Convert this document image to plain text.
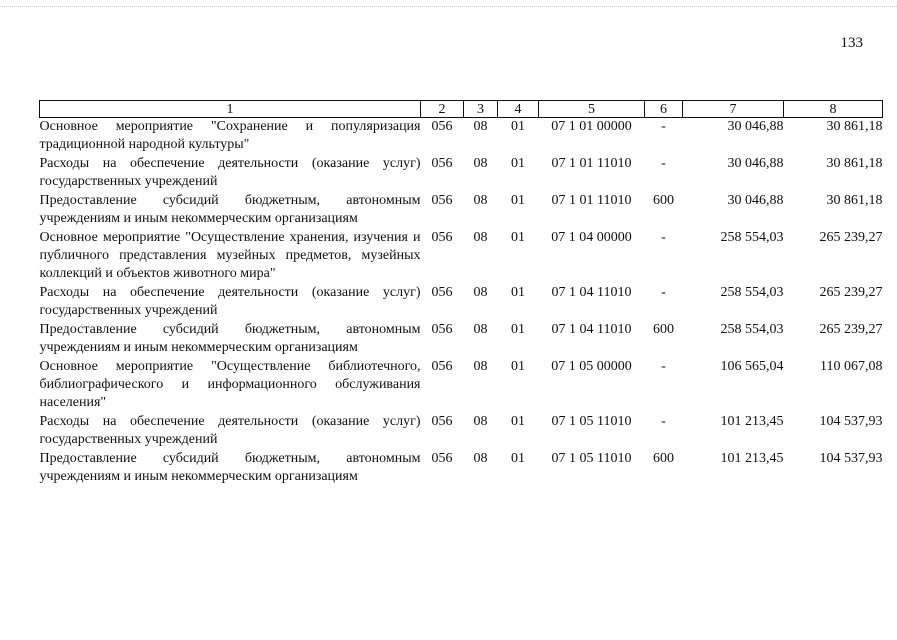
133
1	2	3	4	5	6	7	8
Основное мероприятие "Сохранение и популяризация традиционной народной культуры"	056	08	01	07 1 01 00000	-	30 046,88	30 861,18
Расходы на обеспечение деятельности (оказание услуг) государственных учреждений	056	08	01	07 1 01 11010	-	30 046,88	30 861,18
Предоставление субсидий бюджетным, автономным учреждениям и иным некоммерческим организациям	056	08	01	07 1 01 11010	600	30 046,88	30 861,18
Основное мероприятие "Осуществление хранения, изучения и публичного представления музейных предметов, музейных коллекций и объектов животного мира"	056	08	01	07 1 04 00000	-	258 554,03	265 239,27
Расходы на обеспечение деятельности (оказание услуг) государственных учреждений	056	08	01	07 1 04 11010	-	258 554,03	265 239,27
Предоставление субсидий бюджетным, автономным учреждениям и иным некоммерческим организациям	056	08	01	07 1 04 11010	600	258 554,03	265 239,27
Основное мероприятие "Осуществление библиотечного, библиографического и информационного обслуживания населения"	056	08	01	07 1 05 00000	-	106 565,04	110 067,08
Расходы на обеспечение деятельности (оказание услуг) государственных учреждений	056	08	01	07 1 05 11010	-	101 213,45	104 537,93
Предоставление субсидий бюджетным, автономным учреждениям и иным некоммерческим организациям	056	08	01	07 1 05 11010	600	101 213,45	104 537,93
